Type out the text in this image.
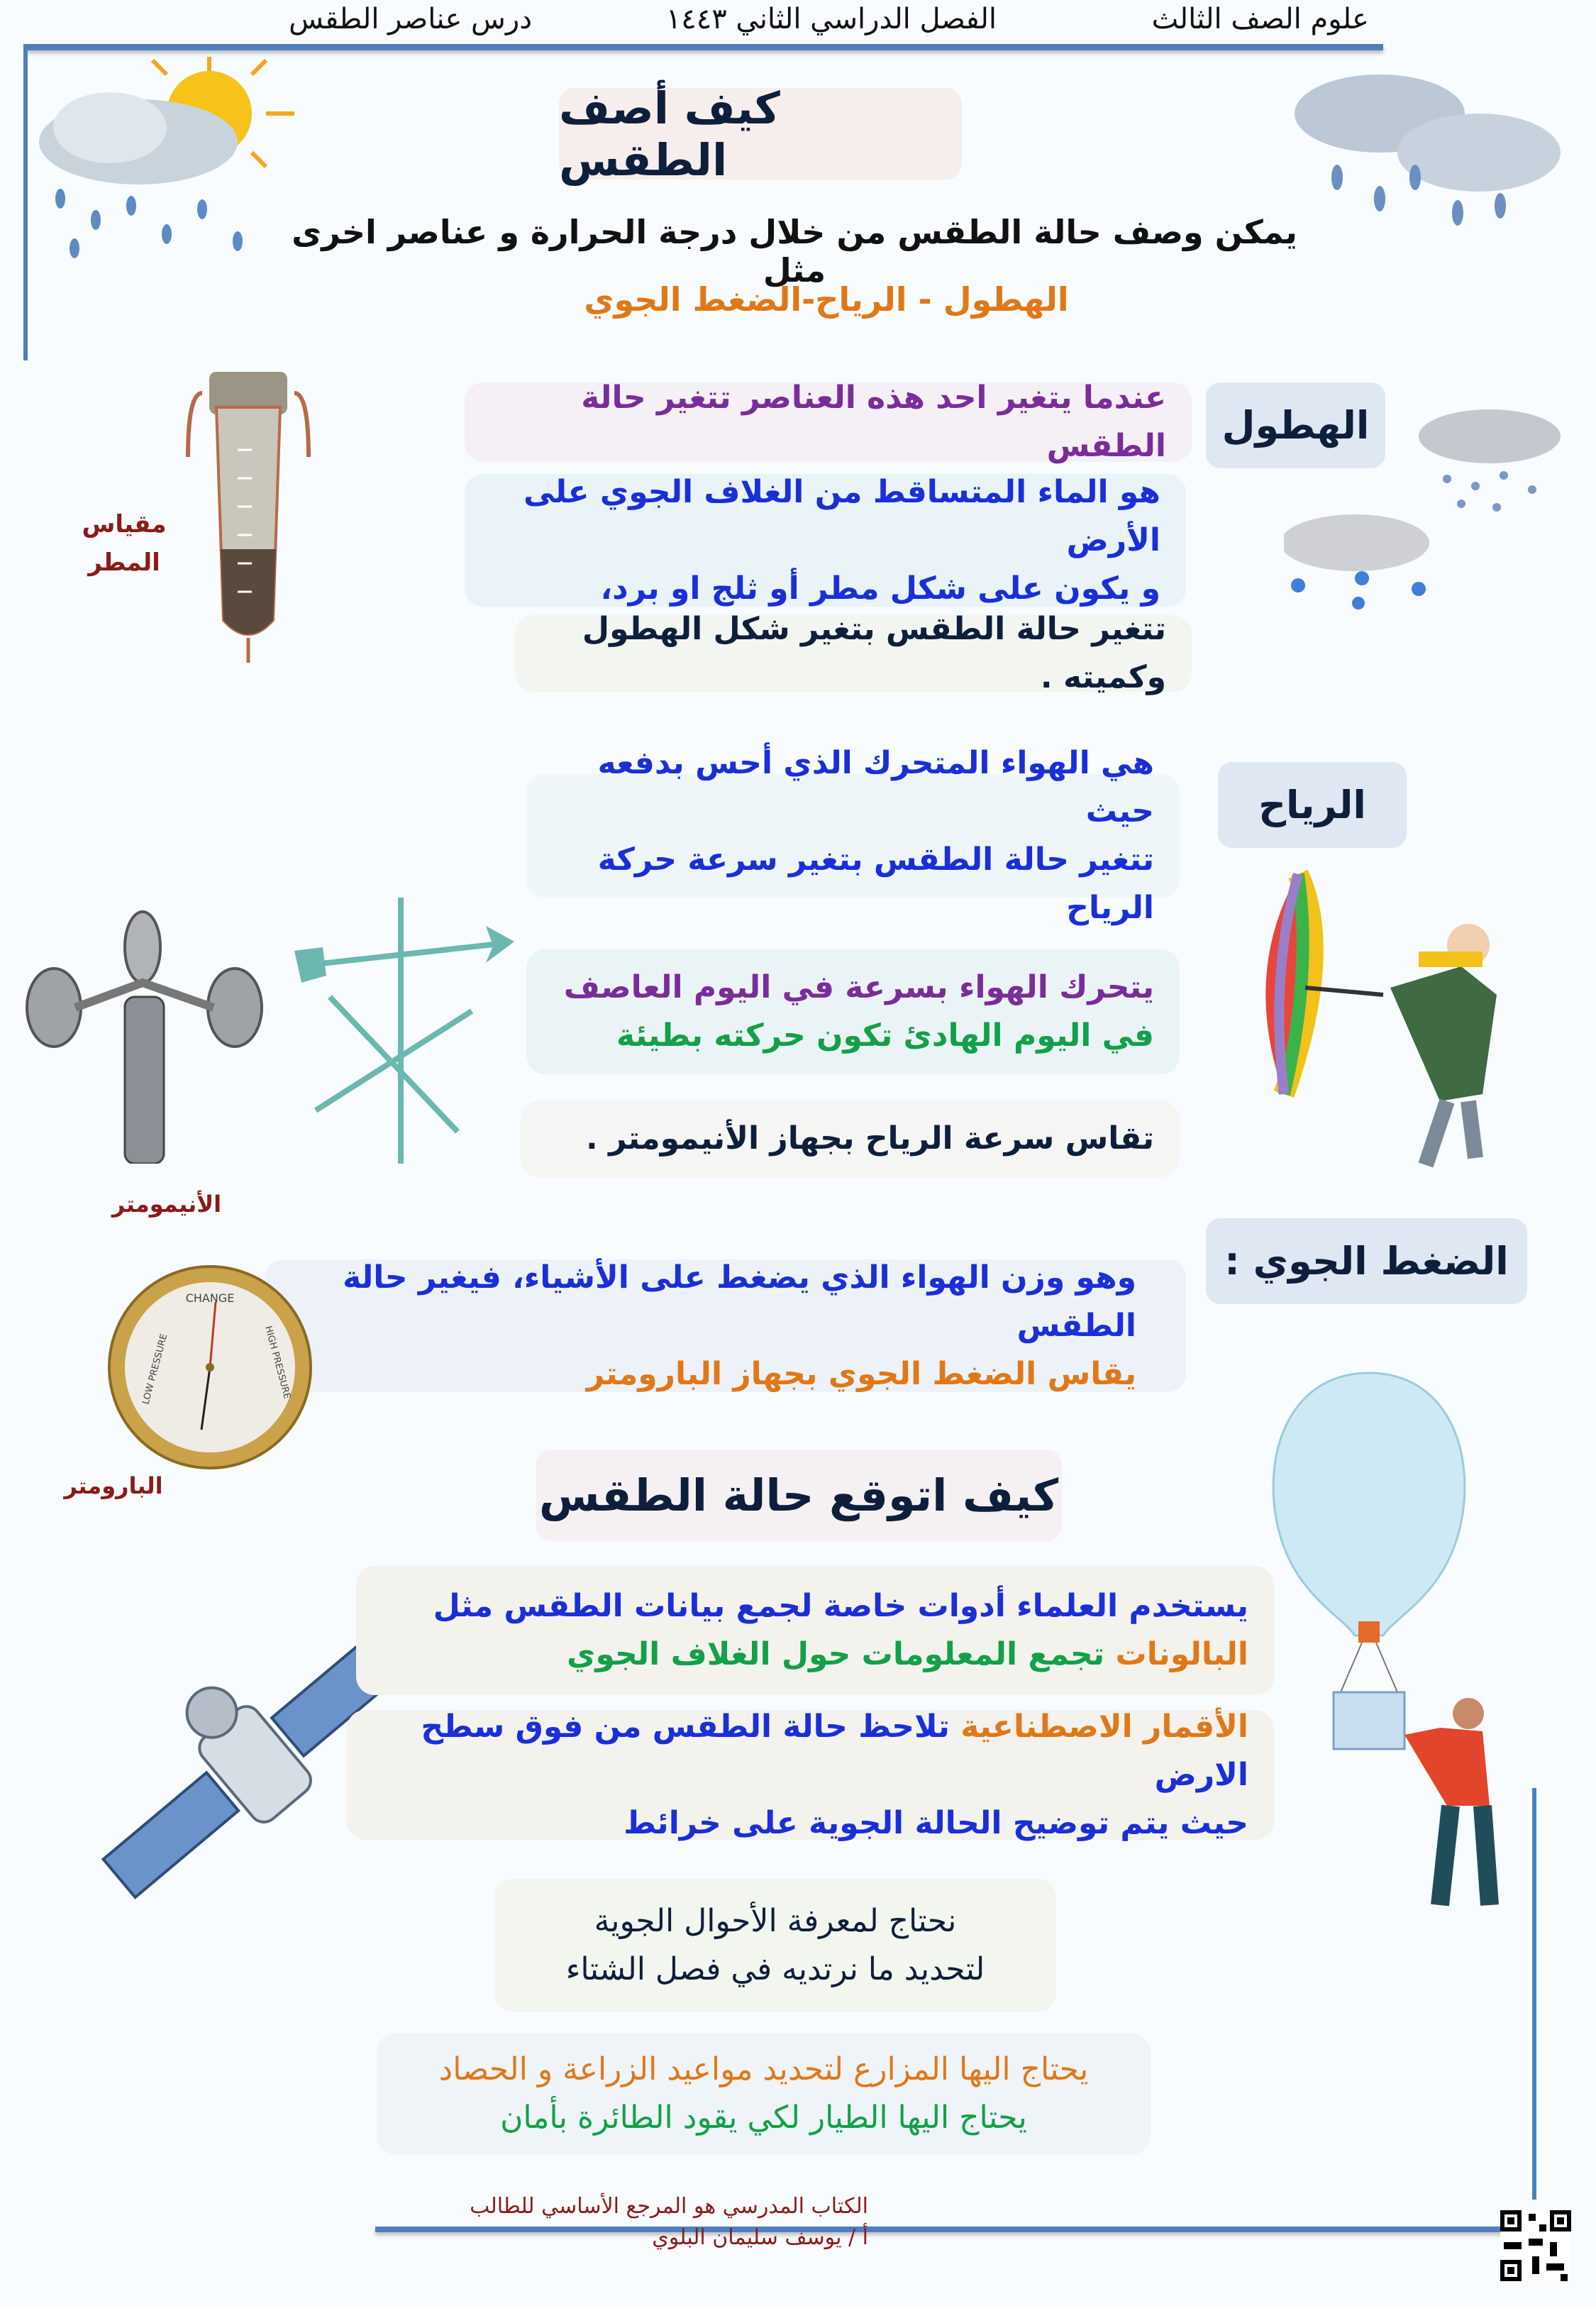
علوم الصف الثالث
الفصل الدراسي الثاني ١٤٤٣
درس عناصر الطقس
كيف أصف الطقس
يمكن وصف حالة الطقس من خلال درجة الحرارة و عناصر اخرى مثل
الهطول - الرياح-الضغط الجوي
الهطول
عندما يتغير احد هذه العناصر تتغير حالة الطقس
هو الماء المتساقط من الغلاف الجوي على الأرض
و يكون على شكل مطر أو ثلج او برد،
تتغير حالة الطقس بتغير شكل الهطول وكميته .
مقياس
المطر
الرياح
هي الهواء المتحرك الذي أحس بدفعه حيث
تتغير حالة الطقس بتغير سرعة حركة الرياح
يتحرك الهواء بسرعة في اليوم العاصف
في اليوم الهادئ تكون حركته بطيئة
تقاس سرعة الرياح بجهاز الأنيمومتر .
الأنيمومتر
الضغط الجوي :
وهو وزن الهواء الذي يضغط على الأشياء، فيغير حالة الطقس
يقاس الضغط الجوي بجهاز البارومتر
CHANGE
LOW PRESSURE	HIGH PRESSURE
البارومتر	كيف اتوقع حالة الطقس
يستخدم العلماء أدوات خاصة لجمع بيانات الطقس مثل
البالونات تجمع المعلومات حول الغلاف الجوي
الأقمار الاصطناعية تلاحظ حالة الطقس من فوق سطح الارض
حيث يتم توضيح الحالة الجوية على خرائط
نحتاج لمعرفة الأحوال الجوية
لتحديد ما نرتديه في فصل الشتاء
يحتاج اليها المزارع لتحديد مواعيد الزراعة و الحصاد
يحتاج اليها الطيار لكي يقود الطائرة بأمان
الكتاب المدرسي هو المرجع الأساسي للطالب
أ / يوسف سليمان البلوي
